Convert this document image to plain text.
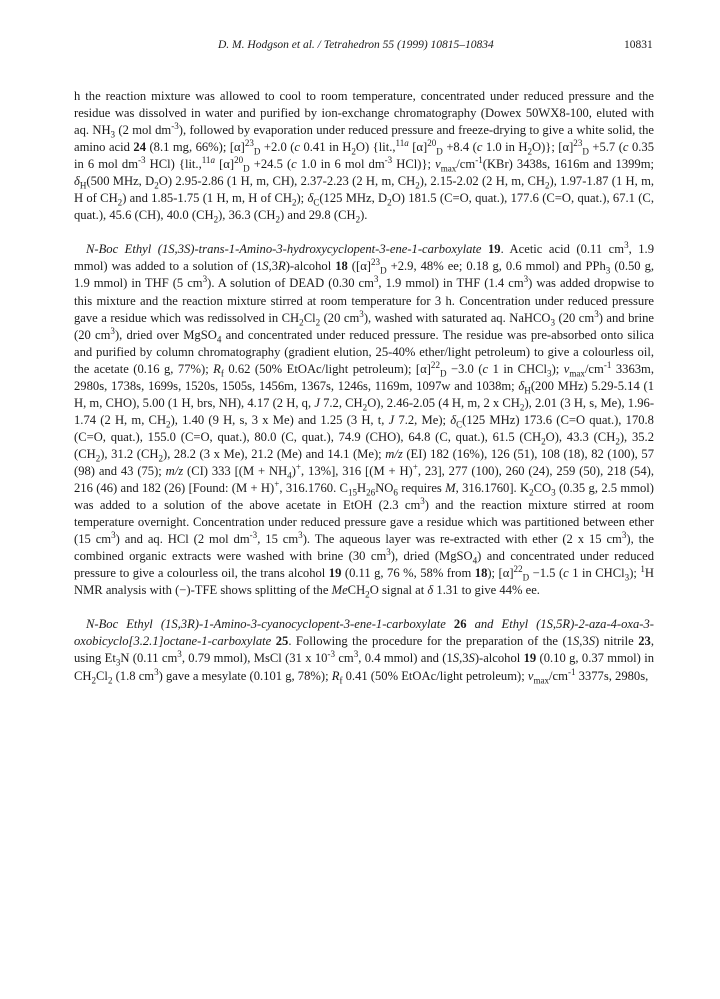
D. M. Hodgson et al. / Tetrahedron 55 (1999) 10815–10834	10831

h the reaction mixture was allowed to cool to room temperature, concentrated under reduced pressure and the residue was dissolved in water and purified by ion-exchange chromatography (Dowex 50WX8-100, eluted with aq. $NH_3$ (2 mol $dm^{-3}$), followed by evaporation under reduced pressure and freeze-drying to give a white solid, the amino acid 24 (8.1 mg, 66%); $[\alpha]^{23}_D +2.0$ (c 0.41 in $H_2O$) {lit.,$^{11a}$ $[\alpha]^{20}_D +8.4$ (c 1.0 in $H_2O$)}; $[\alpha]^{23}_D +5.7$ (c 0.35 in 6 mol $dm^{-3}$ HCl) {lit.,$^{11a}$ $[\alpha]^{20}_D +24.5$ (c 1.0 in 6 mol $dm^{-3}$ HCl)}; $v_{max}/cm^{-1}(KBr)$ 3438s, 1616m and 1399m; $\delta_H(500$ MHz, $D_2O$) 2.95-2.86 (1 H, m, CH), 2.37-2.23 (2 H, m, $CH_2$), 2.15-2.02 (2 H, m, $CH_2$), 1.97-1.87 (1 H, m, H of $CH_2$) and 1.85-1.75 (1 H, m, H of $CH_2$); $\delta_C(125$ MHz, $D_2O$) 181.5 (C=O, quat.), 177.6 (C=O, quat.), 67.1 (C, quat.), 45.6 (CH), 40.0 $(CH_2)$, 36.3 $(CH_2)$ and 29.8 $(CH_2)$.

N-Boc Ethyl (1S,3S)-trans-1-Amino-3-hydroxycyclopent-3-ene-1-carboxylate 19. Acetic acid (0.11 $cm^3$, 1.9 mmol) was added to a solution of (1S,3R)-alcohol 18 ($[\alpha]^{23}_D +2.9$, 48% ee; 0.18 g, 0.6 mmol) and PPh$_3$ (0.50 g, 1.9 mmol) in THF (5 $cm^3$). A solution of DEAD (0.30 $cm^3$, 1.9 mmol) in THF (1.4 $cm^3$) was added dropwise to this mixture and the reaction mixture stirred at room temperature for 3 h. Concentration under reduced pressure gave a residue which was redissolved in $CH_2Cl_2$ (20 $cm^3$), washed with saturated aq. NaHCO$_3$ (20 $cm^3$) and brine (20 $cm^3$), dried over MgSO$_4$ and concentrated under reduced pressure. The residue was pre-absorbed onto silica and purified by column chromatography (gradient elution, 25-40% ether/light petroleum) to give a colourless oil, the acetate (0.16 g, 77%); $R_f$ 0.62 (50% EtOAc/light petroleum); $[\alpha]^{22}_D -3.0$ (c 1 in CHCl$_3$); $v_{max}/cm^{-1}$ 3363m, 2980s, 1738s, 1699s, 1520s, 1505s, 1456m, 1367s, 1246s, 1169m, 1097w and 1038m; $\delta_H(200$ MHz) 5.29-5.14 (1 H, m, CHO), 5.00 (1 H, brs, NH), 4.17 (2 H, q, J 7.2, $CH_2O$), 2.46-2.05 (4 H, m, 2 x $CH_2$), 2.01 (3 H, s, Me), 1.96-1.74 (2 H, m, $CH_2$), 1.40 (9 H, s, 3 x Me) and 1.25 (3 H, t, J 7.2, Me); $\delta_C(125$ MHz) 173.6 (C=O quat.), 170.8 (C=O, quat.), 155.0 (C=O, quat.), 80.0 (C, quat.), 74.9 (CHO), 64.8 (C, quat.), 61.5 $(CH_2O)$, 43.3 $(CH_2)$, 35.2 $(CH_2)$, 31.2 $(CH_2)$, 28.2 (3 x Me), 21.2 (Me) and 14.1 (Me); m/z (EI) 182 (16%), 126 (51), 108 (18), 82 (100), 57 (98) and 43 (75); m/z (CI) 333 [$(M + NH_4)^+$, 13%], 316 [(M + H)+, 23], 277 (100), 260 (24), 259 (50), 218 (54), 216 (46) and 182 (26) [Found: (M + H)+, 316.1760. $C_{15}H_{26}NO_6$ requires M, 316.1760]. $K_2CO_3$ (0.35 g, 2.5 mmol) was added to a solution of the above acetate in EtOH (2.3 $cm^3$) and the reaction mixture stirred at room temperature overnight. Concentration under reduced pressure gave a residue which was partitioned between ether (15 $cm^3$) and aq. HCl (2 mol $dm^{-3}$, 15 $cm^3$). The aqueous layer was re-extracted with ether (2 x 15 $cm^3$), the combined organic extracts were washed with brine (30 $cm^3$), dried (MgSO$_4$) and concentrated under reduced pressure to give a colourless oil, the trans alcohol 19 (0.11 g, 76 %, 58% from 18); $[\alpha]^{22}_D -1.5$ (c 1 in CHCl$_3$); $^1$H NMR analysis with (−)-TFE shows splitting of the MeCH$_2$O signal at δ 1.31 to give 44% ee.

N-Boc Ethyl (1S,3R)-1-Amino-3-cyanocyclopent-3-ene-1-carboxylate 26 and Ethyl (1S,5R)-2-aza-4-oxa-3-oxobicyclo[3.2.1]octane-1-carboxylate 25. Following the procedure for the preparation of the (1S,3S) nitrile 23, using $Et_3N$ (0.11 $cm^3$, 0.79 mmol), MsCl (31 x $10^{-3}$ $cm^3$, 0.4 mmol) and (1S,3S)-alcohol 19 (0.10 g, 0.37 mmol) in $CH_2Cl_2$ (1.8 $cm^3$) gave a mesylate (0.101 g, 78%); $R_f$ 0.41 (50% EtOAc/light petroleum); $v_{max}/cm^{-1}$ 3377s, 2980s,
